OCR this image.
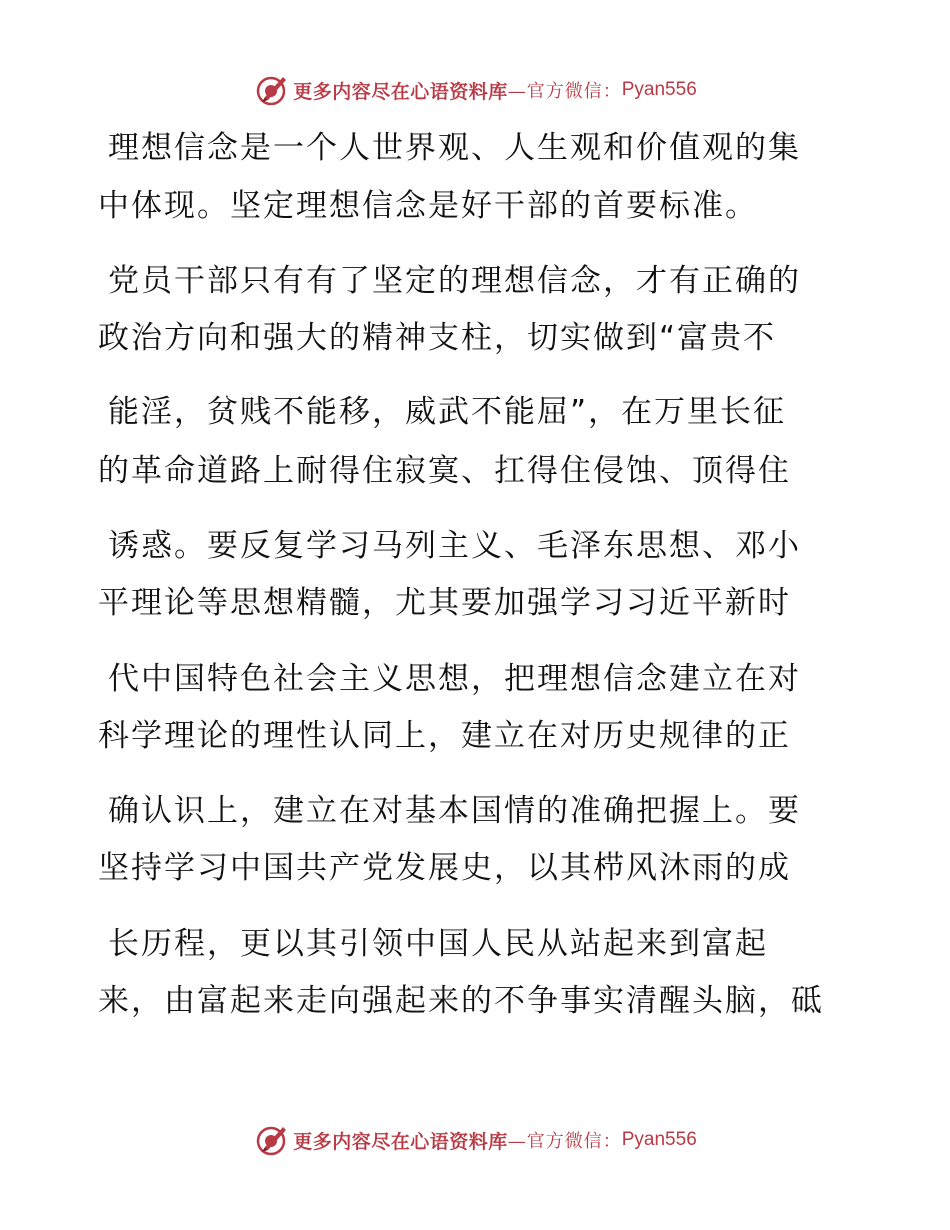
更多内容尽在心语资料库 —官方微信： Pyan556
理想信念是一个人世界观、人生观和价值观的集
中体现。坚定理想信念是好干部的首要标准。
党员干部只有有了坚定的理想信念，才有正确的
政治方向和强大的精神支柱，切实做到“富贵不
能淫，贫贱不能移，威武不能屈”，在万里长征
的革命道路上耐得住寂寞、扛得住侵蚀、顶得住
诱惑。要反复学习马列主义、毛泽东思想、邓小
平理论等思想精髓，尤其要加强学习习近平新时
代中国特色社会主义思想，把理想信念建立在对
科学理论的理性认同上，建立在对历史规律的正
确认识上，建立在对基本国情的准确把握上。要
坚持学习中国共产党发展史，以其栉风沐雨的成
长历程，更以其引领中国人民从站起来到富起
来，由富起来走向强起来的不争事实清醒头脑，砥
更多内容尽在心语资料库 —官方微信： Pyan556
